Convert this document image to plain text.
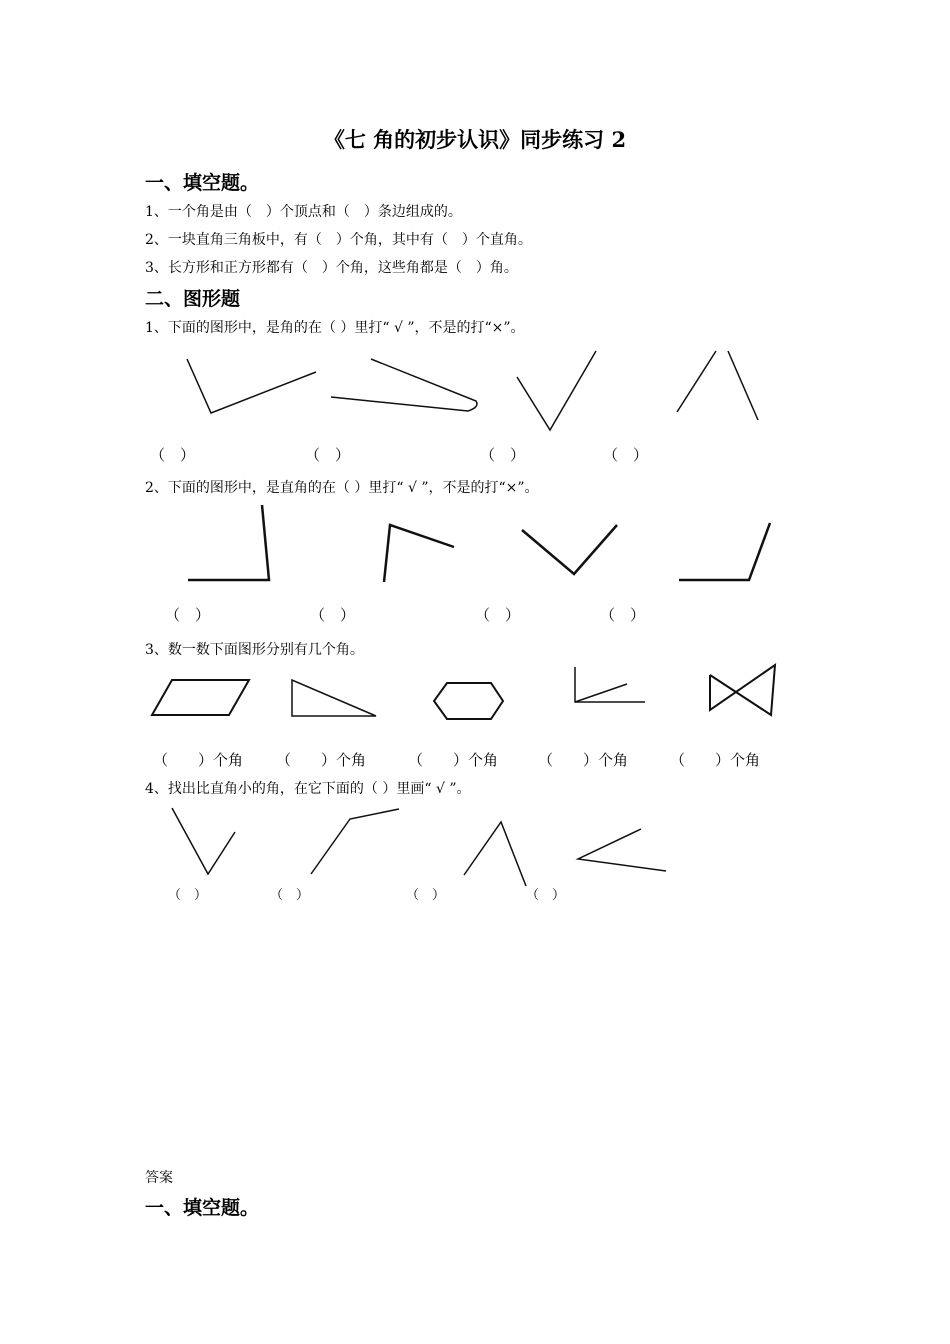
《七 角的初步认识》同步练习 2
一、填空题。
1、一个角是由（　）个顶点和（　）条边组成的。
2、一块直角三角板中，有（　）个角，其中有（　）个直角。
3、长方形和正方形都有（　）个角，这些角都是（　）角。
二、图形题
1、下面的图形中，是角的在（ ）里打“ √ ”，不是的打“×”。
（　）	（　）	（　）	（　）
2、下面的图形中，是直角的在（ ）里打“ √ ”，不是的打“×”。
（　）	（　）	（　）	（　）
3、数一数下面图形分别有几个角。
（　　）个角 （　　）个角	（　　）个角	（　　）个角	（　　）个角
4、找出比直角小的角，在它下面的（ ）里画“ √ ”。
（　）	（　）	（　）	（　）
答案
一、填空题。
